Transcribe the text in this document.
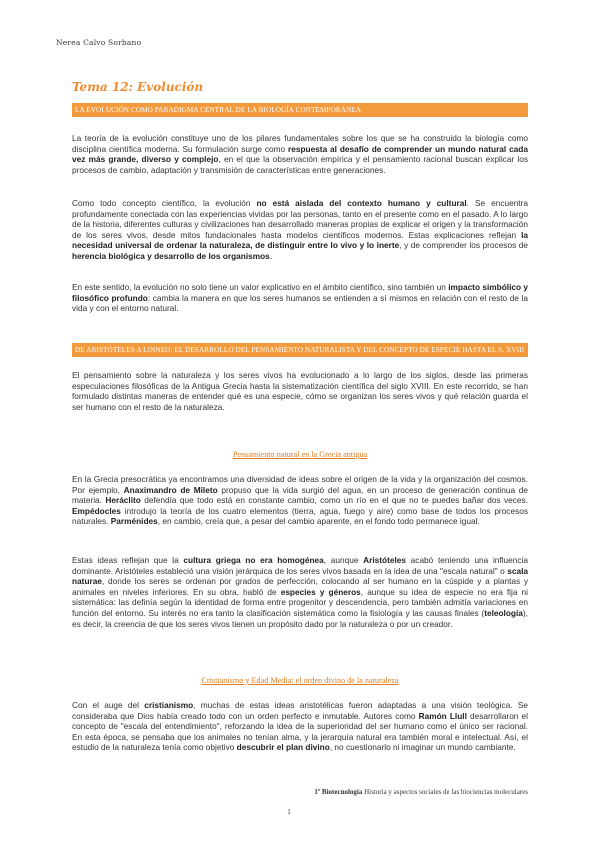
Nerea Calvo Sorbano
Tema 12: Evolución
LA EVOLUCIÓN COMO PARADIGMA CENTRAL DE LA BIOLOGÍA CONTEMPORÁNEA

La teoría de la evolución constituye uno de los pilares fundamentales sobre los que se ha construido la biología como disciplina científica moderna. Su formulación surge como respuesta al desafío de comprender un mundo natural cada vez más grande, diverso y complejo, en el que la observación empírica y el pensamiento racional buscan explicar los procesos de cambio, adaptación y transmisión de características entre generaciones.

Como todo concepto científico, la evolución no está aislada del contexto humano y cultural. Se encuentra profundamente conectada con las experiencias vividas por las personas, tanto en el presente como en el pasado. A lo largo de la historia, diferentes culturas y civilizaciones han desarrollado maneras propias de explicar el origen y la transformación de los seres vivos, desde mitos fundacionales hasta modelos científicos modernos. Estas explicaciones reflejan la necesidad universal de ordenar la naturaleza, de distinguir entre lo vivo y lo inerte, y de comprender los procesos de herencia biológica y desarrollo de los organismos.

En este sentido, la evolución no solo tiene un valor explicativo en el ámbito científico, sino también un impacto simbólico y filosófico profundo: cambia la manera en que los seres humanos se entienden a sí mismos en relación con el resto de la vida y con el entorno natural.

DE ARISTÓTELES A LINNEO: EL DESARROLLO DEL PENSAMIENTO NATURALISTA Y DEL CONCEPTO DE ESPECIE HASTA EL S. XVIII

El pensamiento sobre la naturaleza y los seres vivos ha evolucionado a lo largo de los siglos, desde las primeras especulaciones filosóficas de la Antigua Grecia hasta la sistematización científica del siglo XVIII. En este recorrido, se han formulado distintas maneras de entender qué es una especie, cómo se organizan los seres vivos y qué relación guarda el ser humano con el resto de la naturaleza.

Pensamiento natural en la Grecia antigua

En la Grecia presocrática ya encontramos una diversidad de ideas sobre el origen de la vida y la organización del cosmos. Por ejemplo, Anaximandro de Mileto propuso que la vida surgió del agua, en un proceso de generación continua de materia. Heráclito defendía que todo está en constante cambio, como un río en el que no te puedes bañar dos veces. Empédocles introdujo la teoría de los cuatro elementos (tierra, agua, fuego y aire) como base de todos los procesos naturales. Parménides, en cambio, creía que, a pesar del cambio aparente, en el fondo todo permanece igual.

Estas ideas reflejan que la cultura griega no era homogénea, aunque Aristóteles acabó teniendo una influencia dominante. Aristóteles estableció una visión jerárquica de los seres vivos basada en la idea de una "escala natural" o scala naturae, donde los seres se ordenan por grados de perfección, colocando al ser humano en la cúspide y a plantas y animales en niveles inferiores. En su obra, habló de especies y géneros, aunque su idea de especie no era fija ni sistemática: las definía según la identidad de forma entre progenitor y descendencia, pero también admitía variaciones en función del entorno. Su interés no era tanto la clasificación sistemática como la fisiología y las causas finales (teleología), es decir, la creencia de que los seres vivos tienen un propósito dado por la naturaleza o por un creador.

Cristianismo y Edad Media: el orden divino de la naturaleza

Con el auge del cristianismo, muchas de estas ideas aristotélicas fueron adaptadas a una visión teológica. Se consideraba que Dios había creado todo con un orden perfecto e inmutable. Autores como Ramón Llull desarrollaron el concepto de "escala del entendimiento", reforzando la idea de la superioridad del ser humano como el único ser racional. En esta época, se pensaba que los animales no tenían alma, y la jerarquía natural era también moral e intelectual. Así, el estudio de la naturaleza tenía como objetivo descubrir el plan divino, no cuestionarlo ni imaginar un mundo cambiante.

1º Biotecnología Historia y aspectos sociales de las biociencias moleculares
1
